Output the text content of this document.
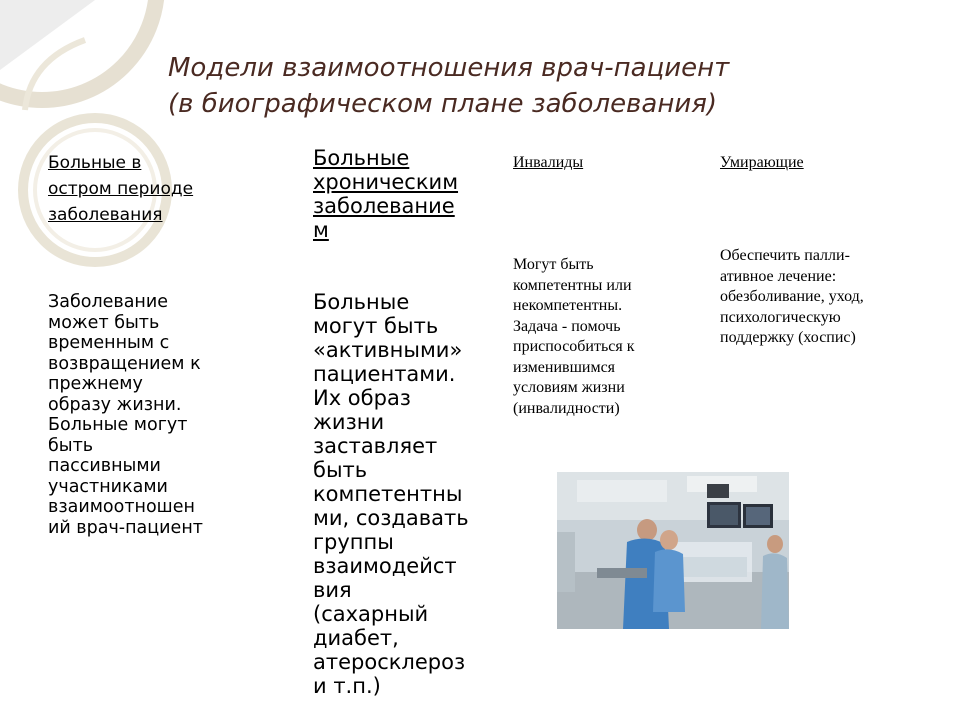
Модели взаимоотношения врач-пациент
(в биографическом плане заболевания)
Больные в
остром периоде
заболевания
Заболевание
может быть
временным с
возвращением к
прежнему
образу жизни.
Больные могут
быть
пассивными
участниками
взаимоотношен
ий врач-пациент
Больные
хроническим
заболевание
м
Больные
могут быть
«активными»
пациентами.
Их образ
жизни
заставляет
быть
компетентны
ми, создавать
группы
взаимодейст
вия
(сахарный
диабет,
атеросклероз
и т.п.)
Инвалиды
Могут быть
компетентны или
некомпетентны.
Задача - помочь
приспособиться к
изменившимся
условиям жизни
(инвалидности)
Умирающие
Обеспечить палли-
ативное лечение:
обезболивание, уход,
психологическую
поддержку (хоспис)
